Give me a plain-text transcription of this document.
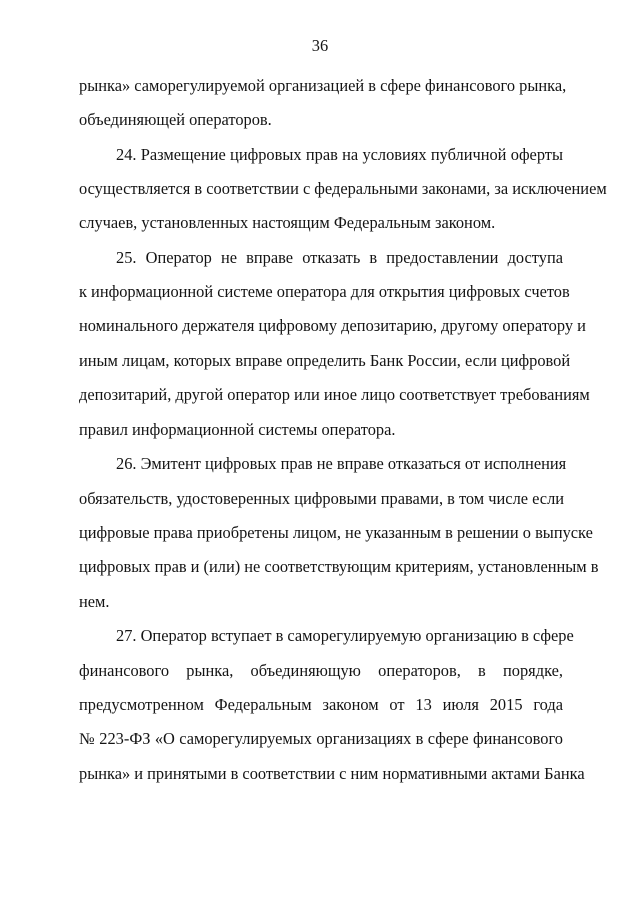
36
рынка» саморегулируемой организацией в сфере финансового рынка,
объединяющей операторов.
24. Размещение цифровых прав на условиях публичной оферты
осуществляется в соответствии с федеральными законами, за исключением
случаев, установленных настоящим Федеральным законом.
25. Оператор не вправе отказать в предоставлении доступа
к информационной системе оператора для открытия цифровых счетов
номинального держателя цифровому депозитарию, другому оператору и
иным лицам, которых вправе определить Банк России, если цифровой
депозитарий, другой оператор или иное лицо соответствует требованиям
правил информационной системы оператора.
26. Эмитент цифровых прав не вправе отказаться от исполнения
обязательств, удостоверенных цифровыми правами, в том числе если
цифровые права приобретены лицом, не указанным в решении о выпуске
цифровых прав и (или) не соответствующим критериям, установленным в
нем.
27. Оператор вступает в саморегулируемую организацию в сфере
финансового рынка, объединяющую операторов, в порядке,
предусмотренном Федеральным законом от 13 июля 2015 года
№ 223-ФЗ «О саморегулируемых организациях в сфере финансового
рынка» и принятыми в соответствии с ним нормативными актами Банка
